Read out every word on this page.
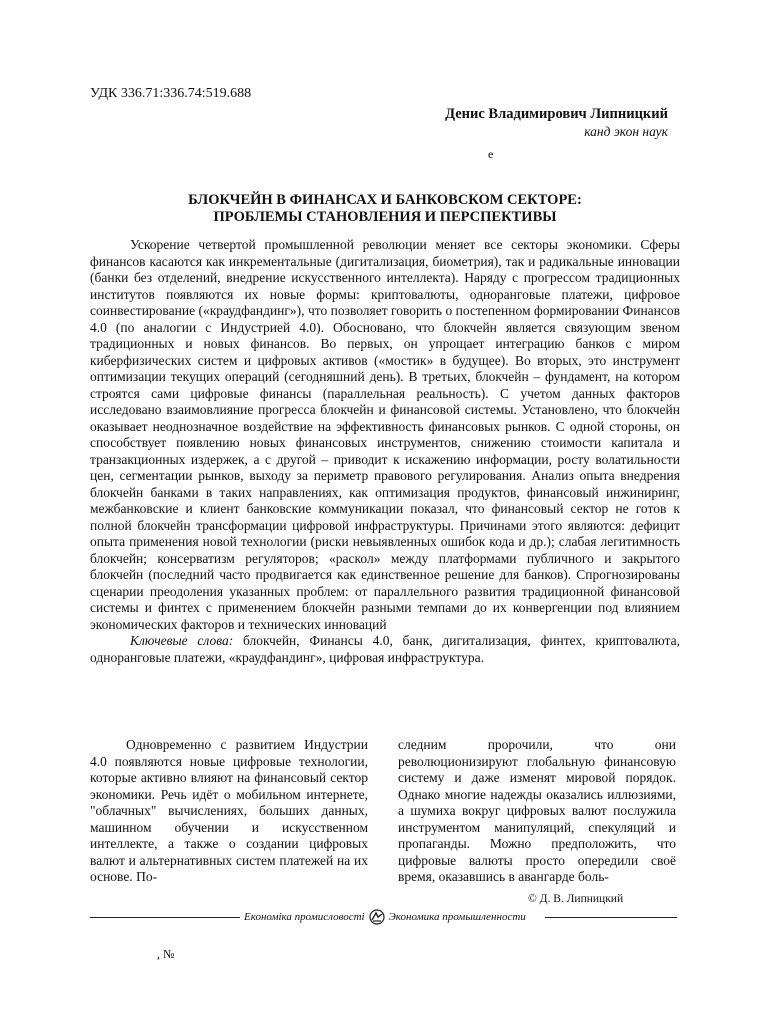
УДК 336.71:336.74:519.688
Денис Владимирович Липницкий
канд экон наук
е
БЛОКЧЕЙН В ФИНАНСАХ И БАНКОВСКОМ СЕКТОРЕ:
ПРОБЛЕМЫ СТАНОВЛЕНИЯ И ПЕРСПЕКТИВЫ

Ускорение четвертой промышленной революции меняет все секторы экономики. Сферы финансов касаются как инкрементальные (дигитализация, биометрия), так и радикальные инновации (банки без отделений, внедрение искусственного интеллекта). Наряду с прогрессом традиционных институтов появляются их новые формы: криптовалюты, одноранговые платежи, цифровое соинвестирование («краудфандинг»), что позволяет говорить о постепенном формировании Финансов 4.0 (по аналогии с Индустрией 4.0). Обосновано, что блокчейн является связующим звеном традиционных и новых финансов. Во первых, он упрощает интеграцию банков с миром киберфизических систем и цифровых активов («мостик» в будущее). Во вторых, это инструмент оптимизации текущих операций (сегодняшний день). В третьих, блокчейн – фундамент, на котором строятся сами цифровые финансы (параллельная реальность). С учетом данных факторов исследовано взаимовлияние прогресса блокчейн и финансовой системы. Установлено, что блокчейн оказывает неоднозначное воздействие на эффективность финансовых рынков. С одной стороны, он способствует появлению новых финансовых инструментов, снижению стоимости капитала и транзакционных издержек, а с другой – приводит к искажению информации, росту волатильности цен, сегментации рынков, выходу за периметр правового регулирования. Анализ опыта внедрения блокчейн банками в таких направлениях, как оптимизация продуктов, финансовый инжиниринг, межбанковские и клиент банковские коммуникации показал, что финансовый сектор не готов к полной блокчейн трансформации цифровой инфраструктуры. Причинами этого являются: дефицит опыта применения новой технологии (риски невыявленных ошибок кода и др.); слабая легитимность блокчейн; консерватизм регуляторов; «раскол» между платформами публичного и закрытого блокчейн (последний часто продвигается как единственное решение для банков). Спрогнозированы сценарии преодоления указанных проблем: от параллельного развития традиционной финансовой системы и финтех с применением блокчейн разными темпами до их конвергенции под влиянием экономических факторов и технических инноваций

Ключевые слова: блокчейн, Финансы 4.0, банк, дигитализация, финтех, криптовалюта, одноранговые платежи, «краудфандинг», цифровая инфраструктура.

Одновременно с развитием Индустрии 4.0 появляются новые цифровые технологии, которые активно влияют на финансовый сектор экономики. Речь идёт о мобильном интернете, "облачных" вычислениях, больших данных, машинном обучении и искусственном интеллекте, а также о создании цифровых валют и альтернативных систем платежей на их основе. По-
следним пророчили, что они революционизируют глобальную финансовую систему и даже изменят мировой порядок. Однако многие надежды оказались иллюзиями, а шумиха вокруг цифровых валют послужила инструментом манипуляций, спекуляций и пропаганды. Можно предположить, что цифровые валюты просто опередили своё время, оказавшись в авангарде боль-
© Д. В. Липницкий
Економіка промисловості Экономика промышленности
, №
